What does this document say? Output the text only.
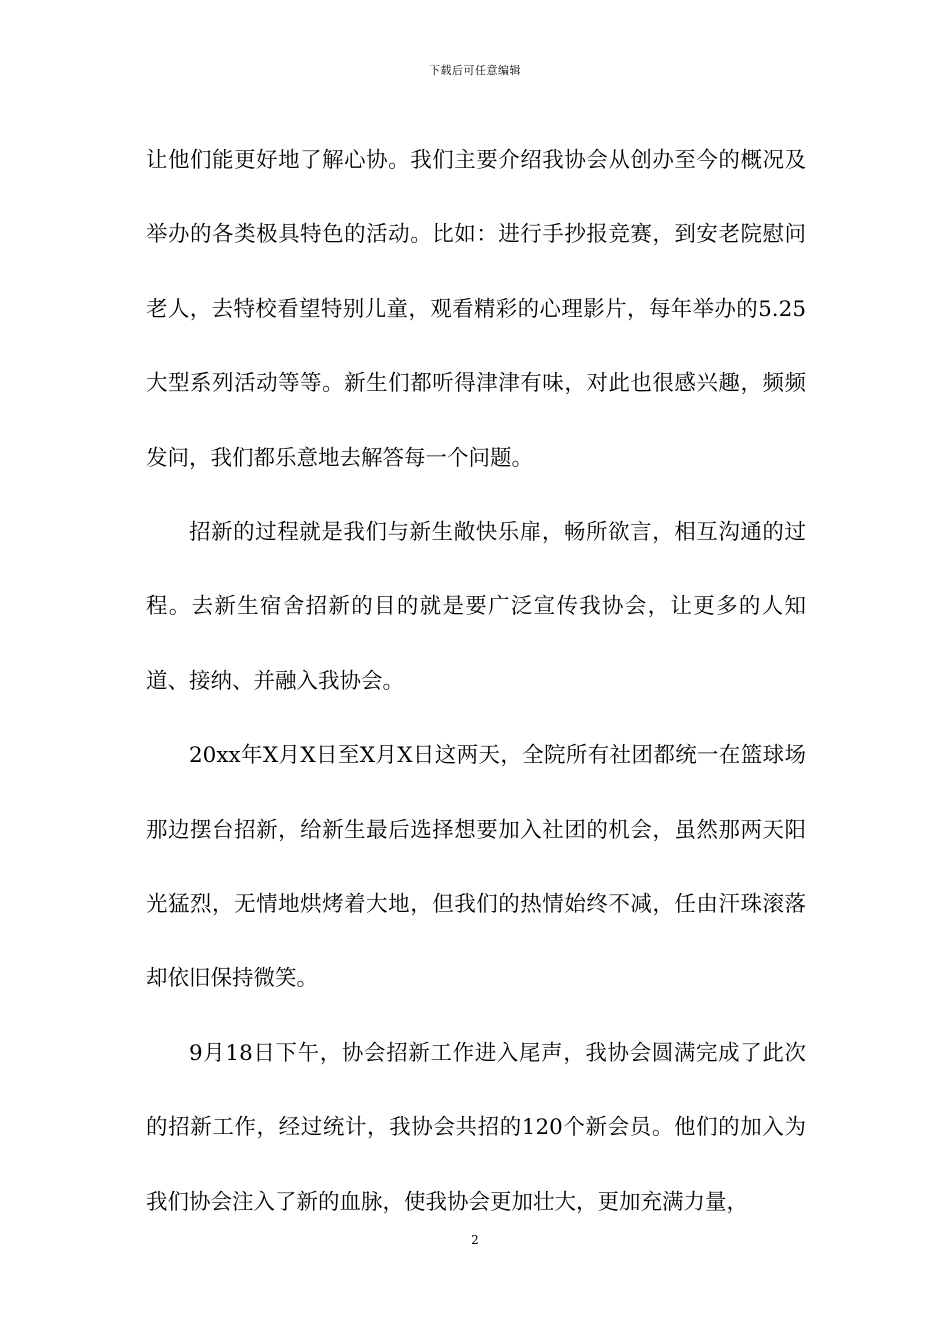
下载后可任意编辑

让他们能更好地了解心协。我们主要介绍我协会从创办至今的概况及举办的各类极具特色的活动。比如：进行手抄报竞赛，到安老院慰问老人，去特校看望特别儿童，观看精彩的心理影片，每年举办的5.25大型系列活动等等。新生们都听得津津有味，对此也很感兴趣，频频发问，我们都乐意地去解答每一个问题。

招新的过程就是我们与新生敞快乐扉，畅所欲言，相互沟通的过程。去新生宿舍招新的目的就是要广泛宣传我协会，让更多的人知道、接纳、并融入我协会。

20xx年X月X日至X月X日这两天，全院所有社团都统一在篮球场那边摆台招新，给新生最后选择想要加入社团的机会，虽然那两天阳光猛烈，无情地烘烤着大地，但我们的热情始终不减，任由汗珠滚落却依旧保持微笑。

9月18日下午，协会招新工作进入尾声，我协会圆满完成了此次的招新工作，经过统计，我协会共招的120个新会员。他们的加入为我们协会注入了新的血脉，使我协会更加壮大，更加充满力量，

2
